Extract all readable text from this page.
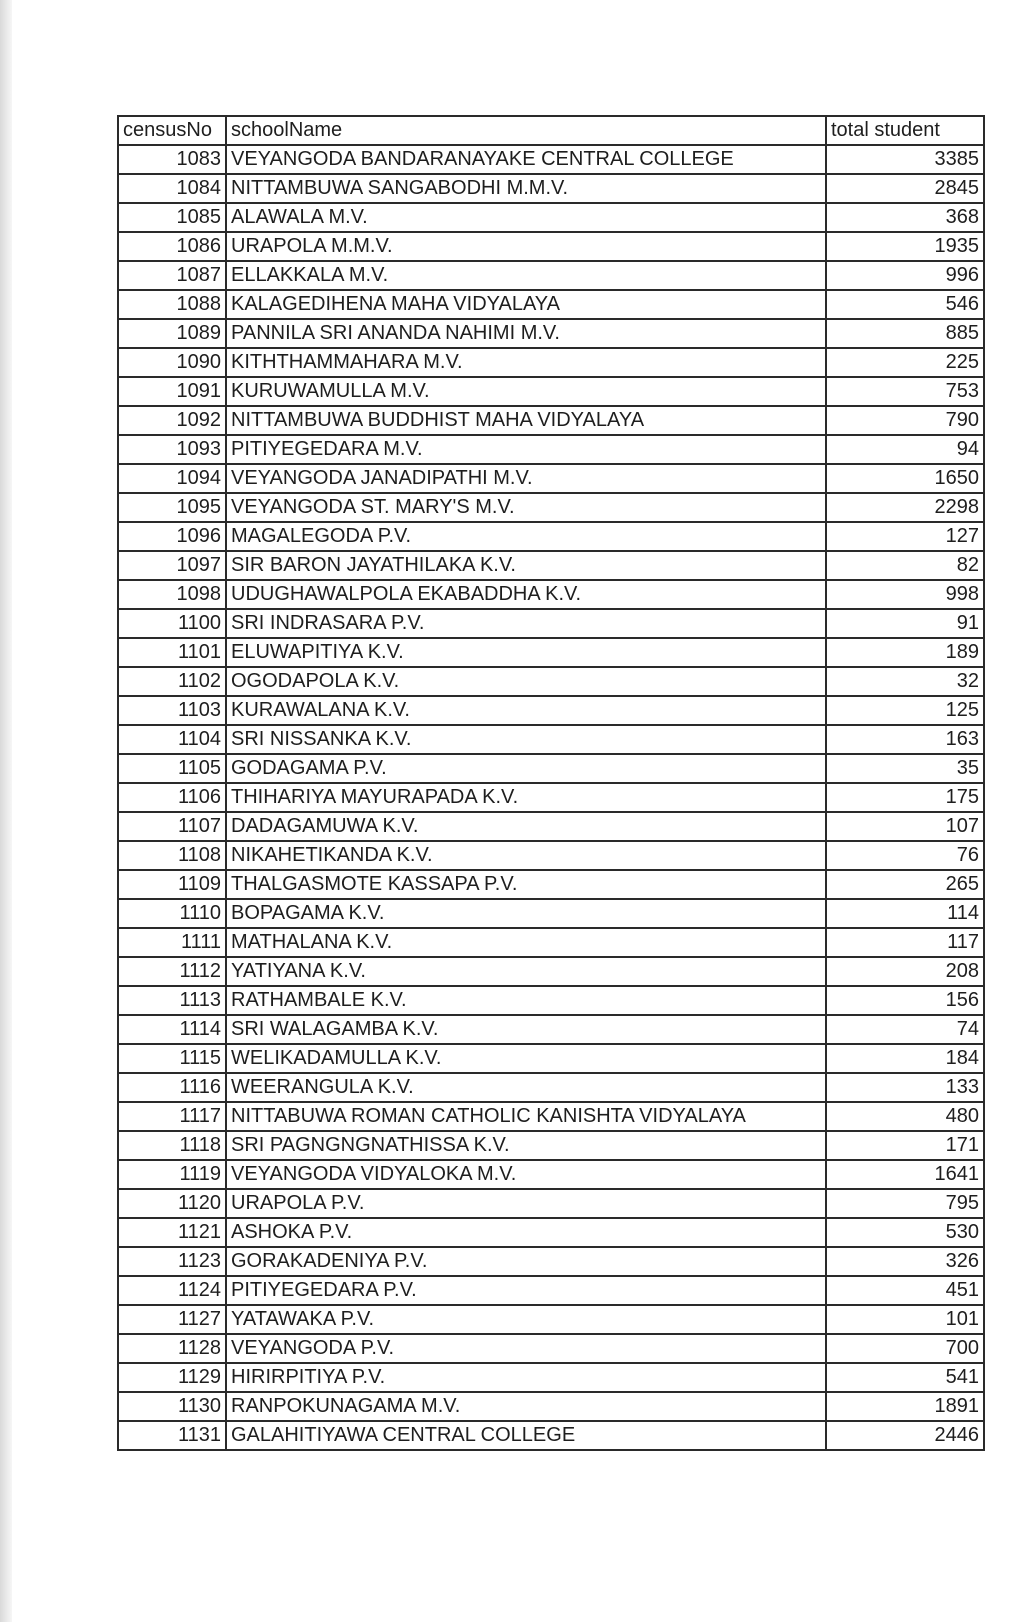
censusNo	schoolName	total student
1083	VEYANGODA BANDARANAYAKE CENTRAL COLLEGE	3385
1084	NITTAMBUWA SANGABODHI M.M.V.	2845
1085	ALAWALA M.V.	368
1086	URAPOLA M.M.V.	1935
1087	ELLAKKALA M.V.	996
1088	KALAGEDIHENA MAHA VIDYALAYA	546
1089	PANNILA SRI ANANDA NAHIMI M.V.	885
1090	KITHTHAMMAHARA M.V.	225
1091	KURUWAMULLA M.V.	753
1092	NITTAMBUWA BUDDHIST MAHA VIDYALAYA	790
1093	PITIYEGEDARA M.V.	94
1094	VEYANGODA JANADIPATHI M.V.	1650
1095	VEYANGODA ST. MARY'S M.V.	2298
1096	MAGALEGODA P.V.	127
1097	SIR BARON JAYATHILAKA K.V.	82
1098	UDUGHAWALPOLA EKABADDHA K.V.	998
1100	SRI INDRASARA P.V.	91
1101	ELUWAPITIYA K.V.	189
1102	OGODAPOLA K.V.	32
1103	KURAWALANA K.V.	125
1104	SRI NISSANKA K.V.	163
1105	GODAGAMA P.V.	35
1106	THIHARIYA MAYURAPADA K.V.	175
1107	DADAGAMUWA K.V.	107
1108	NIKAHETIKANDA K.V.	76
1109	THALGASMOTE KASSAPA P.V.	265
1110	BOPAGAMA K.V.	114
1111	MATHALANA K.V.	117
1112	YATIYANA K.V.	208
1113	RATHAMBALE K.V.	156
1114	SRI WALAGAMBA K.V.	74
1115	WELIKADAMULLA K.V.	184
1116	WEERANGULA K.V.	133
1117	NITTABUWA ROMAN CATHOLIC KANISHTA VIDYALAYA	480
1118	SRI PAGNGNGNATHISSA K.V.	171
1119	VEYANGODA VIDYALOKA M.V.	1641
1120	URAPOLA P.V.	795
1121	ASHOKA P.V.	530
1123	GORAKADENIYA P.V.	326
1124	PITIYEGEDARA P.V.	451
1127	YATAWAKA P.V.	101
1128	VEYANGODA P.V.	700
1129	HIRIRPITIYA P.V.	541
1130	RANPOKUNAGAMA M.V.	1891
1131	GALAHITIYAWA CENTRAL COLLEGE	2446
